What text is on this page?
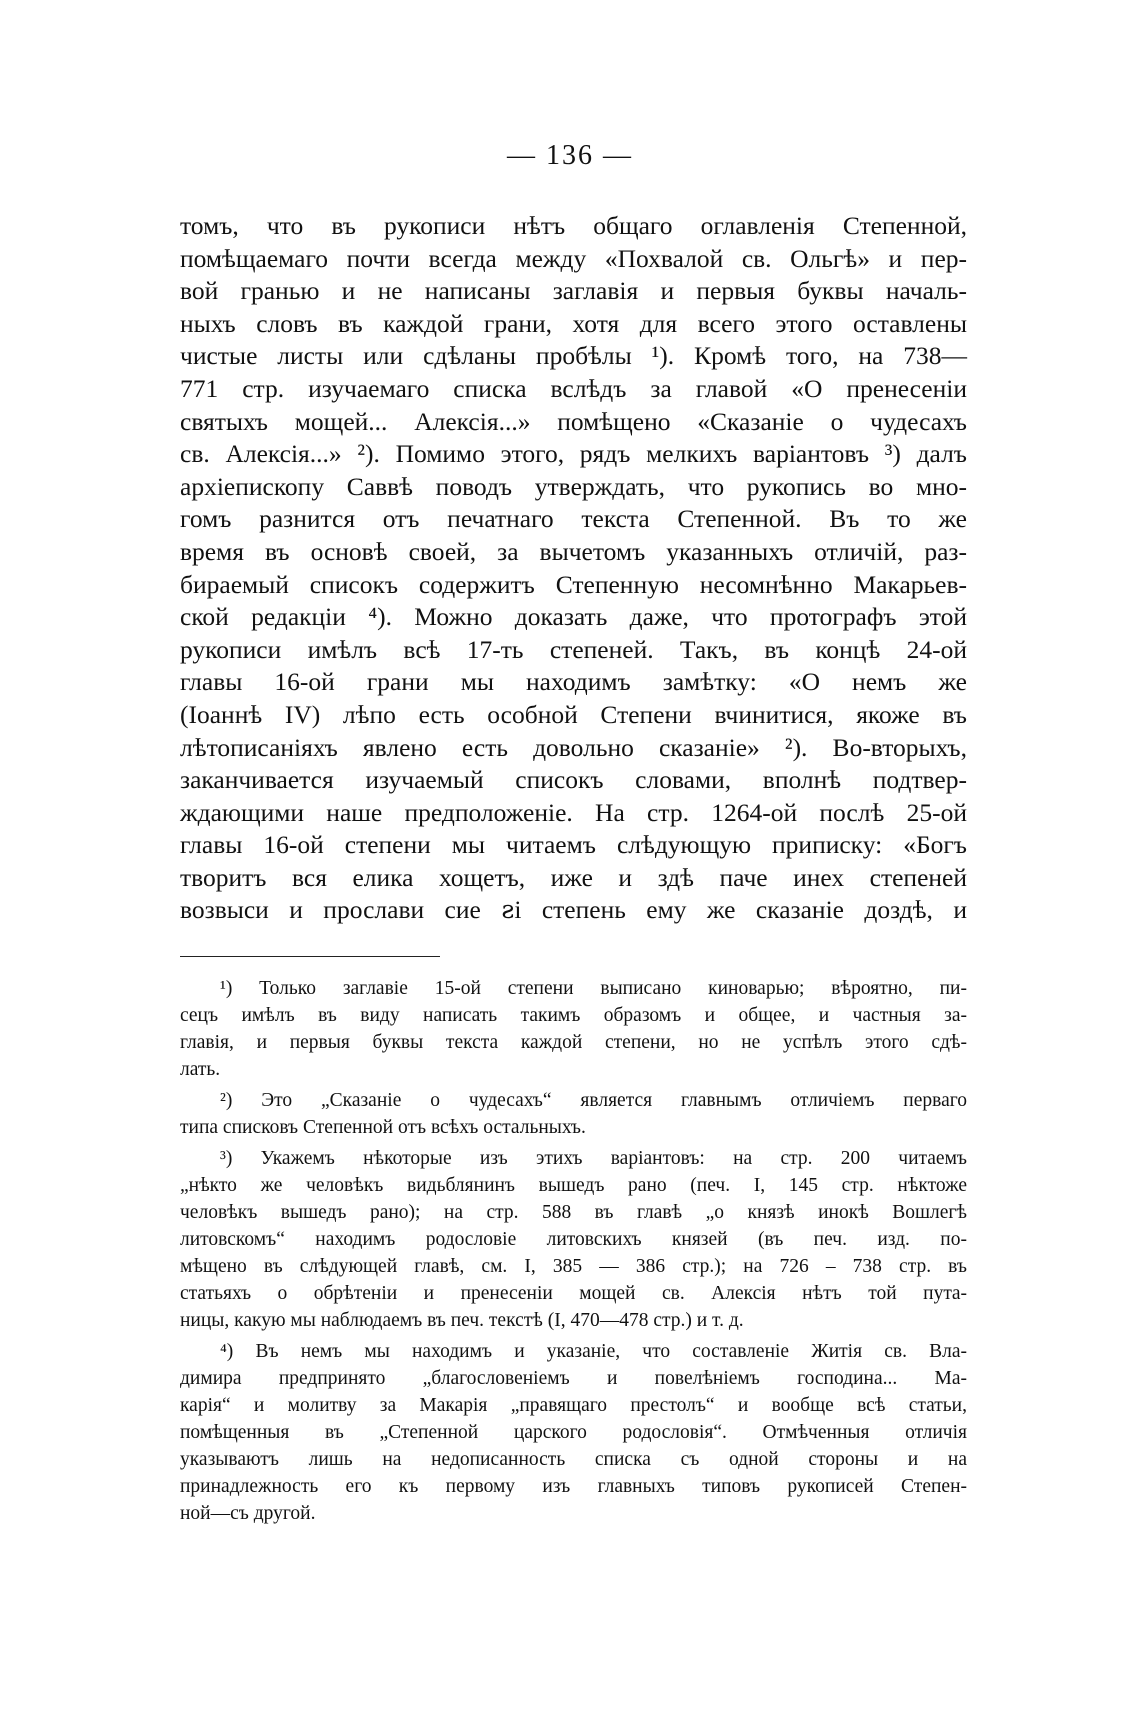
— 136 —
томъ, что въ рукописи нѣтъ общаго оглавленія Степенной,
помѣщаемаго почти всегда между «Похвалой св. Ольгѣ» и пер-
вой гранью и не написаны заглавія и первыя буквы началь-
ныхъ словъ въ каждой грани, хотя для всего этого оставлены
чистые листы или сдѣланы пробѣлы ¹). Кромѣ того, на 738—
771 стр. изучаемаго списка вслѣдъ за главой «О пренесеніи
святыхъ мощей... Алексія...» помѣщено «Сказаніе о чудесахъ
св. Алексія...» ²). Помимо этого, рядъ мелкихъ варіантовъ ³) далъ
архіепископу Саввѣ поводъ утверждать, что рукопись во мно-
гомъ разнится отъ печатнаго текста Степенной. Въ то же
время въ основѣ своей, за вычетомъ указанныхъ отличій, раз-
бираемый списокъ содержитъ Степенную несомнѣнно Макарьев-
ской редакціи ⁴). Можно доказать даже, что протографъ этой
рукописи имѣлъ всѣ 17-ть степеней. Такъ, въ концѣ 24-ой
главы 16-ой грани мы находимъ замѣтку: «О немъ же
(Іоаннѣ IV) лѣпо есть особной Степени вчинитися, якоже въ
лѣтописаніяхъ явлено есть довольно сказаніе» ²). Во-вторыхъ,
заканчивается изучаемый списокъ словами, вполнѣ подтвер-
ждающими наше предположеніе. На стр. 1264-ой послѣ 25-ой
главы 16-ой степени мы читаемъ слѣдующую приписку: «Богъ
творитъ вся елика хощетъ, иже и здѣ паче инех степеней
возвыси и прослави сие ꙅі степень ему же сказаніе доздѣ, и
¹) Только заглавіе 15-ой степени выписано киноварью; вѣроятно, пи-
сецъ имѣлъ въ виду написать такимъ образомъ и общее, и частныя за-
главія, и первыя буквы текста каждой степени, но не успѣлъ этого сдѣ-
лать.
²) Это „Сказаніе о чудесахъ“ является главнымъ отличіемъ перваго
типа списковъ Степенной отъ всѣхъ остальныхъ.
³) Укажемъ нѣкоторые изъ этихъ варіантовъ: на стр. 200 читаемъ
„нѣкто же человѣкъ видьблянинъ вышедъ рано (печ. I, 145 стр. нѣктоже
человѣкъ вышедъ рано); на стр. 588 въ главѣ „о князѣ инокѣ Вошлегѣ
литовскомъ“ находимъ родословіе литовскихъ князей (въ печ. изд. по-
мѣщено въ слѣдующей главѣ, см. I, 385 — 386 стр.); на 726 – 738 стр. въ
статьяхъ о обрѣтеніи и пренесеніи мощей св. Алексія нѣтъ той путa-
ницы, какую мы наблюдаемъ въ печ. текстѣ (I, 470—478 стр.) и т. д.
⁴) Въ немъ мы находимъ и указаніе, что составленіе Житія св. Вла-
димира предпринято „благословеніемъ и повелѣніемъ господина... Ма-
карія“ и молитву за Макарія „правящаго престолъ“ и вообще всѣ статьи,
помѣщенныя въ „Степенной царского родословія“. Отмѣченныя отличія
указываютъ лишь на недописанность списка съ одной стороны и на
принадлежность его къ первому изъ главныхъ типовъ рукописей Степен-
ной—съ другой.
